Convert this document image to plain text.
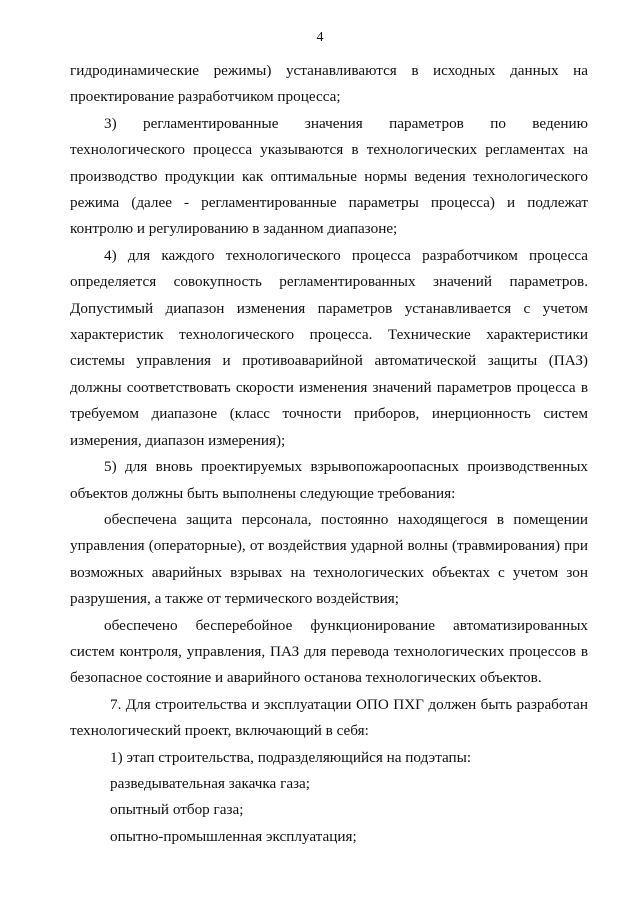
4

гидродинамические режимы) устанавливаются в исходных данных на проектирование разработчиком процесса;

3) регламентированные значения параметров по ведению технологического процесса указываются в технологических регламентах на производство продукции как оптимальные нормы ведения технологического режима (далее - регламентированные параметры процесса) и подлежат контролю и регулированию в заданном диапазоне;

4) для каждого технологического процесса разработчиком процесса определяется совокупность регламентированных значений параметров. Допустимый диапазон изменения параметров устанавливается с учетом характеристик технологического процесса. Технические характеристики системы управления и противоаварийной автоматической защиты (ПАЗ) должны соответствовать скорости изменения значений параметров процесса в требуемом диапазоне (класс точности приборов, инерционность систем измерения, диапазон измерения);

5) для вновь проектируемых взрывопожароопасных производственных объектов должны быть выполнены следующие требования:

обеспечена защита персонала, постоянно находящегося в помещении управления (операторные), от воздействия ударной волны (травмирования) при возможных аварийных взрывах на технологических объектах с учетом зон разрушения, а также от термического воздействия;

обеспечено бесперебойное функционирование автоматизированных систем контроля, управления, ПАЗ для перевода технологических процессов в безопасное состояние и аварийного останова технологических объектов.

7. Для строительства и эксплуатации ОПО ПХГ должен быть разработан технологический проект, включающий в себя:

1) этап строительства, подразделяющийся на подэтапы:

разведывательная закачка газа;

опытный отбор газа;

опытно-промышленная эксплуатация;
